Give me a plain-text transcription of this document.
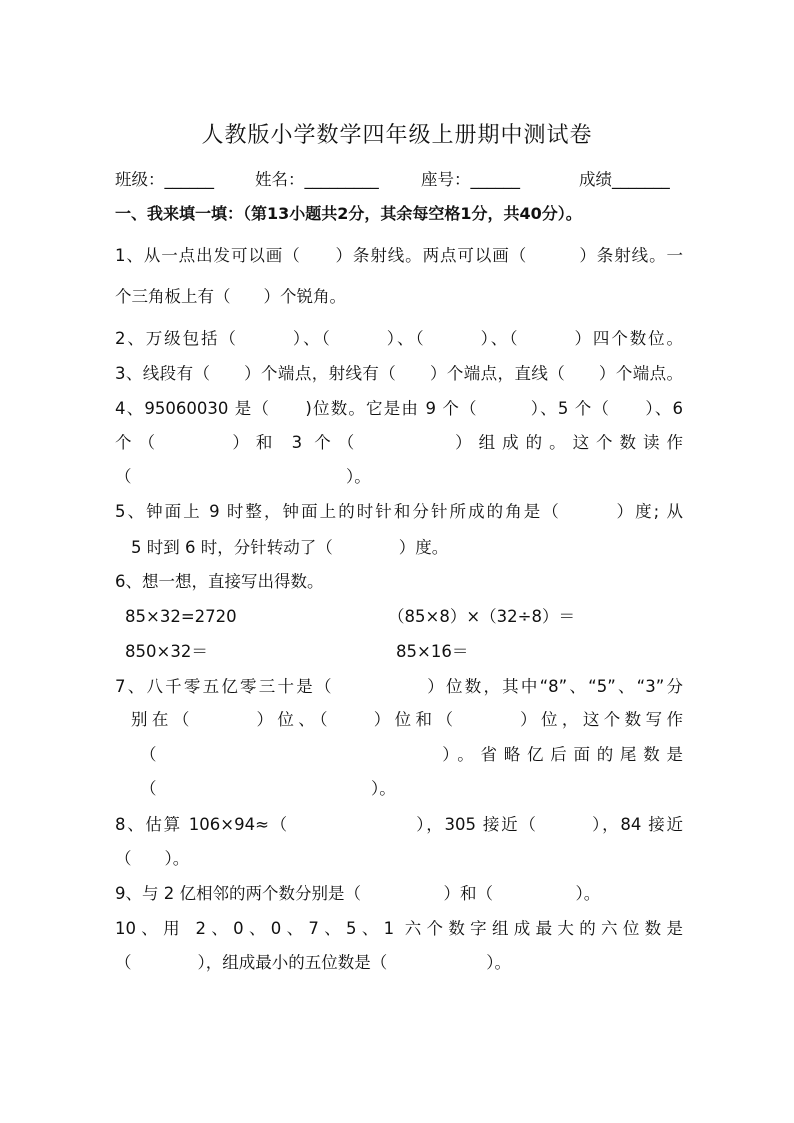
人教版小学数学四年级上册期中测试卷
班级：______ 姓名：_________	座号：______	成绩_______
一、我来填一填：（第13小题共2分，其余每空格1分，共40分）。
1、从一点出发可以画（　　）条射线。两点可以画（　　　）条射线。一
个三角板上有（　　）个锐角。
2、万级包括（　　　）、（　　　）、（　　　）、（　　　）四个数位。
3、线段有（　　）个端点，射线有（　　）个端点，直线（　　）个端点。
4、95060030 是（　　)位数。它是由 9 个（　　　）、5 个（　　）、6
个（　　　）和 3 个（　　　　）组成的。这个数读作
（　　　　　　　　　　　　　）。
5、钟面上 9 时整，钟面上的时针和分针所成的角是（　　　）度; 从
5 时到 6 时，分针转动了（　　　　）度。
6、想一想，直接写出得数。
85×32=2720	（85×8）×（32÷8）＝
850×32＝	85×16＝
7、八千零五亿零三十是（　　　　　）位数，其中“8”、“5”、“3”分
别在（　　　）位、（　　）位和（　　　）位，这个数写作
（　　　　　　　　　　　　）。省略亿后面的尾数是
（　　　　　　　　　　　　　）。
8、估算 106×94≈（　　　　　　　），305 接近（　　　），84 接近
（　　）。
9、与 2 亿相邻的两个数分别是（　　　　　）和（　　　　　）。
10、用 2、0、0、7、5、1 六个数字组成最大的六位数是
（　　　　），组成最小的五位数是（　　　　　　）。
